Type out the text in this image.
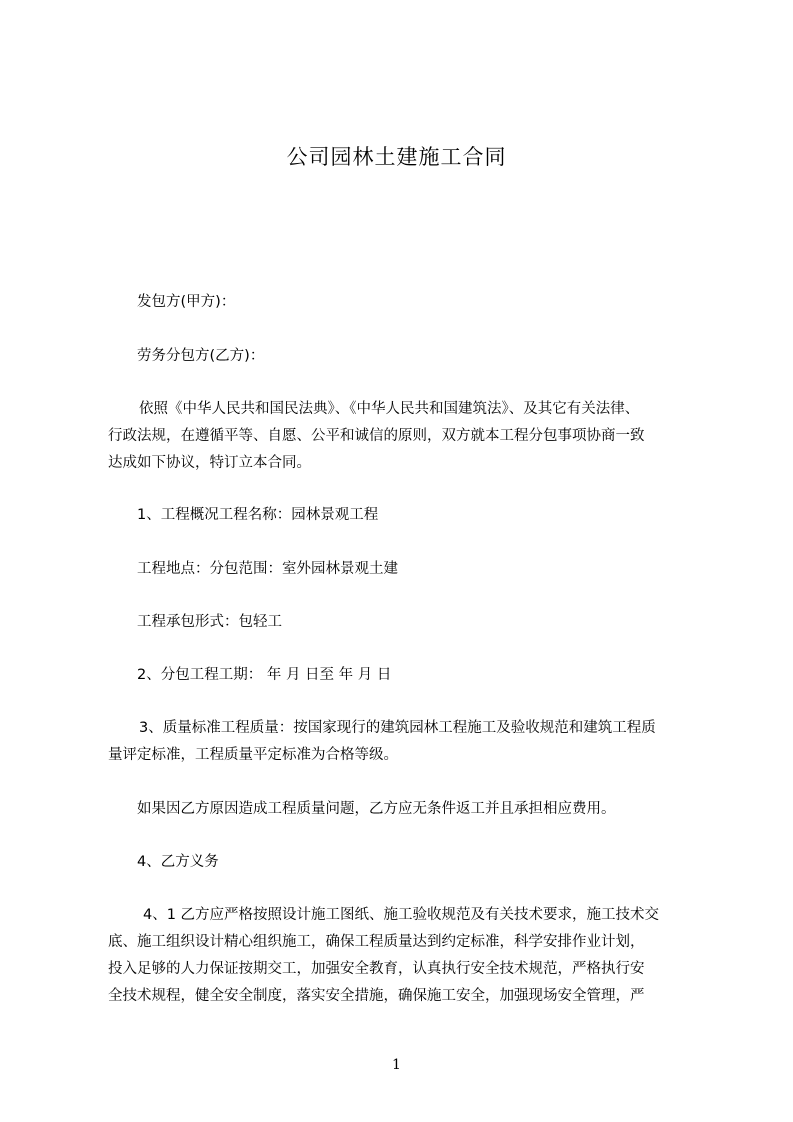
公司园林土建施工合同
发包方(甲方)：
劳务分包方(乙方)：
依照《中华人民共和国民法典》、《中华人民共和国建筑法》、及其它有关法律、
行政法规，在遵循平等、自愿、公平和诚信的原则，双方就本工程分包事项协商一致
达成如下协议，特订立本合同。
1、工程概况工程名称：园林景观工程
工程地点：分包范围：室外园林景观土建
工程承包形式：包轻工
2、分包工程工期： 年 月 日至 年 月 日
3、质量标准工程质量：按国家现行的建筑园林工程施工及验收规范和建筑工程质
量评定标准，工程质量平定标准为合格等级。
如果因乙方原因造成工程质量问题，乙方应无条件返工并且承担相应费用。
4、乙方义务
4、1 乙方应严格按照设计施工图纸、施工验收规范及有关技术要求，施工技术交
底、施工组织设计精心组织施工，确保工程质量达到约定标准，科学安排作业计划，
投入足够的人力保证按期交工，加强安全教育，认真执行安全技术规范，严格执行安
全技术规程，健全安全制度，落实安全措施，确保施工安全，加强现场安全管理，严
1
